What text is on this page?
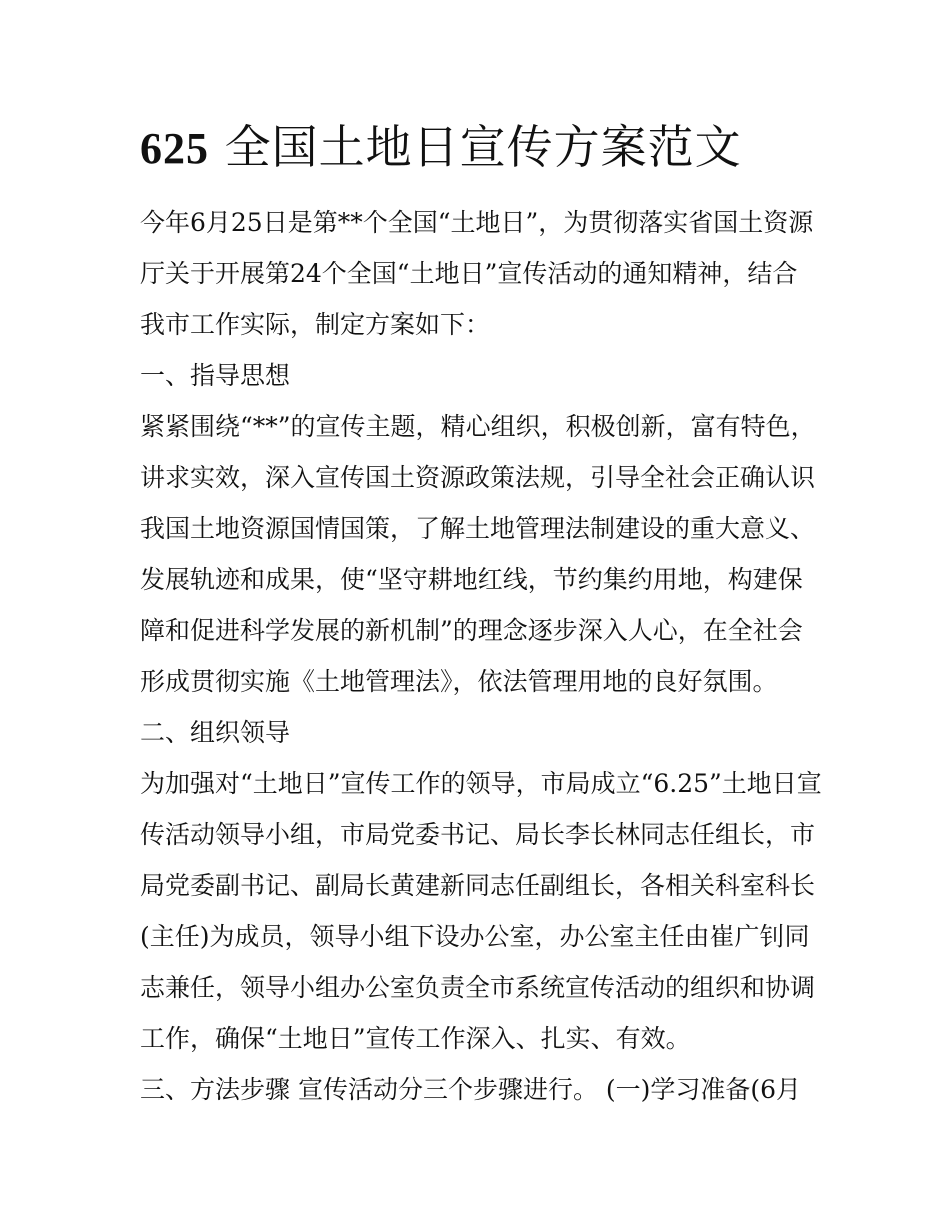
625 全国土地日宣传方案范文
今年6月25日是第**个全国“土地日”，为贯彻落实省国土资源
厅关于开展第24个全国“土地日”宣传活动的通知精神，结合
我市工作实际，制定方案如下：
一、指导思想
紧紧围绕“**”的宣传主题，精心组织，积极创新，富有特色，
讲求实效，深入宣传国土资源政策法规，引导全社会正确认识
我国土地资源国情国策，了解土地管理法制建设的重大意义、
发展轨迹和成果，使“坚守耕地红线，节约集约用地，构建保
障和促进科学发展的新机制”的理念逐步深入人心，在全社会
形成贯彻实施《土地管理法》，依法管理用地的良好氛围。
二、组织领导
为加强对“土地日”宣传工作的领导，市局成立“6.25”土地日宣
传活动领导小组，市局党委书记、局长李长林同志任组长，市
局党委副书记、副局长黄建新同志任副组长，各相关科室科长
(主任)为成员，领导小组下设办公室，办公室主任由崔广钊同
志兼任，领导小组办公室负责全市系统宣传活动的组织和协调
工作，确保“土地日”宣传工作深入、扎实、有效。
三、方法步骤 宣传活动分三个步骤进行。 (一)学习准备(6月
